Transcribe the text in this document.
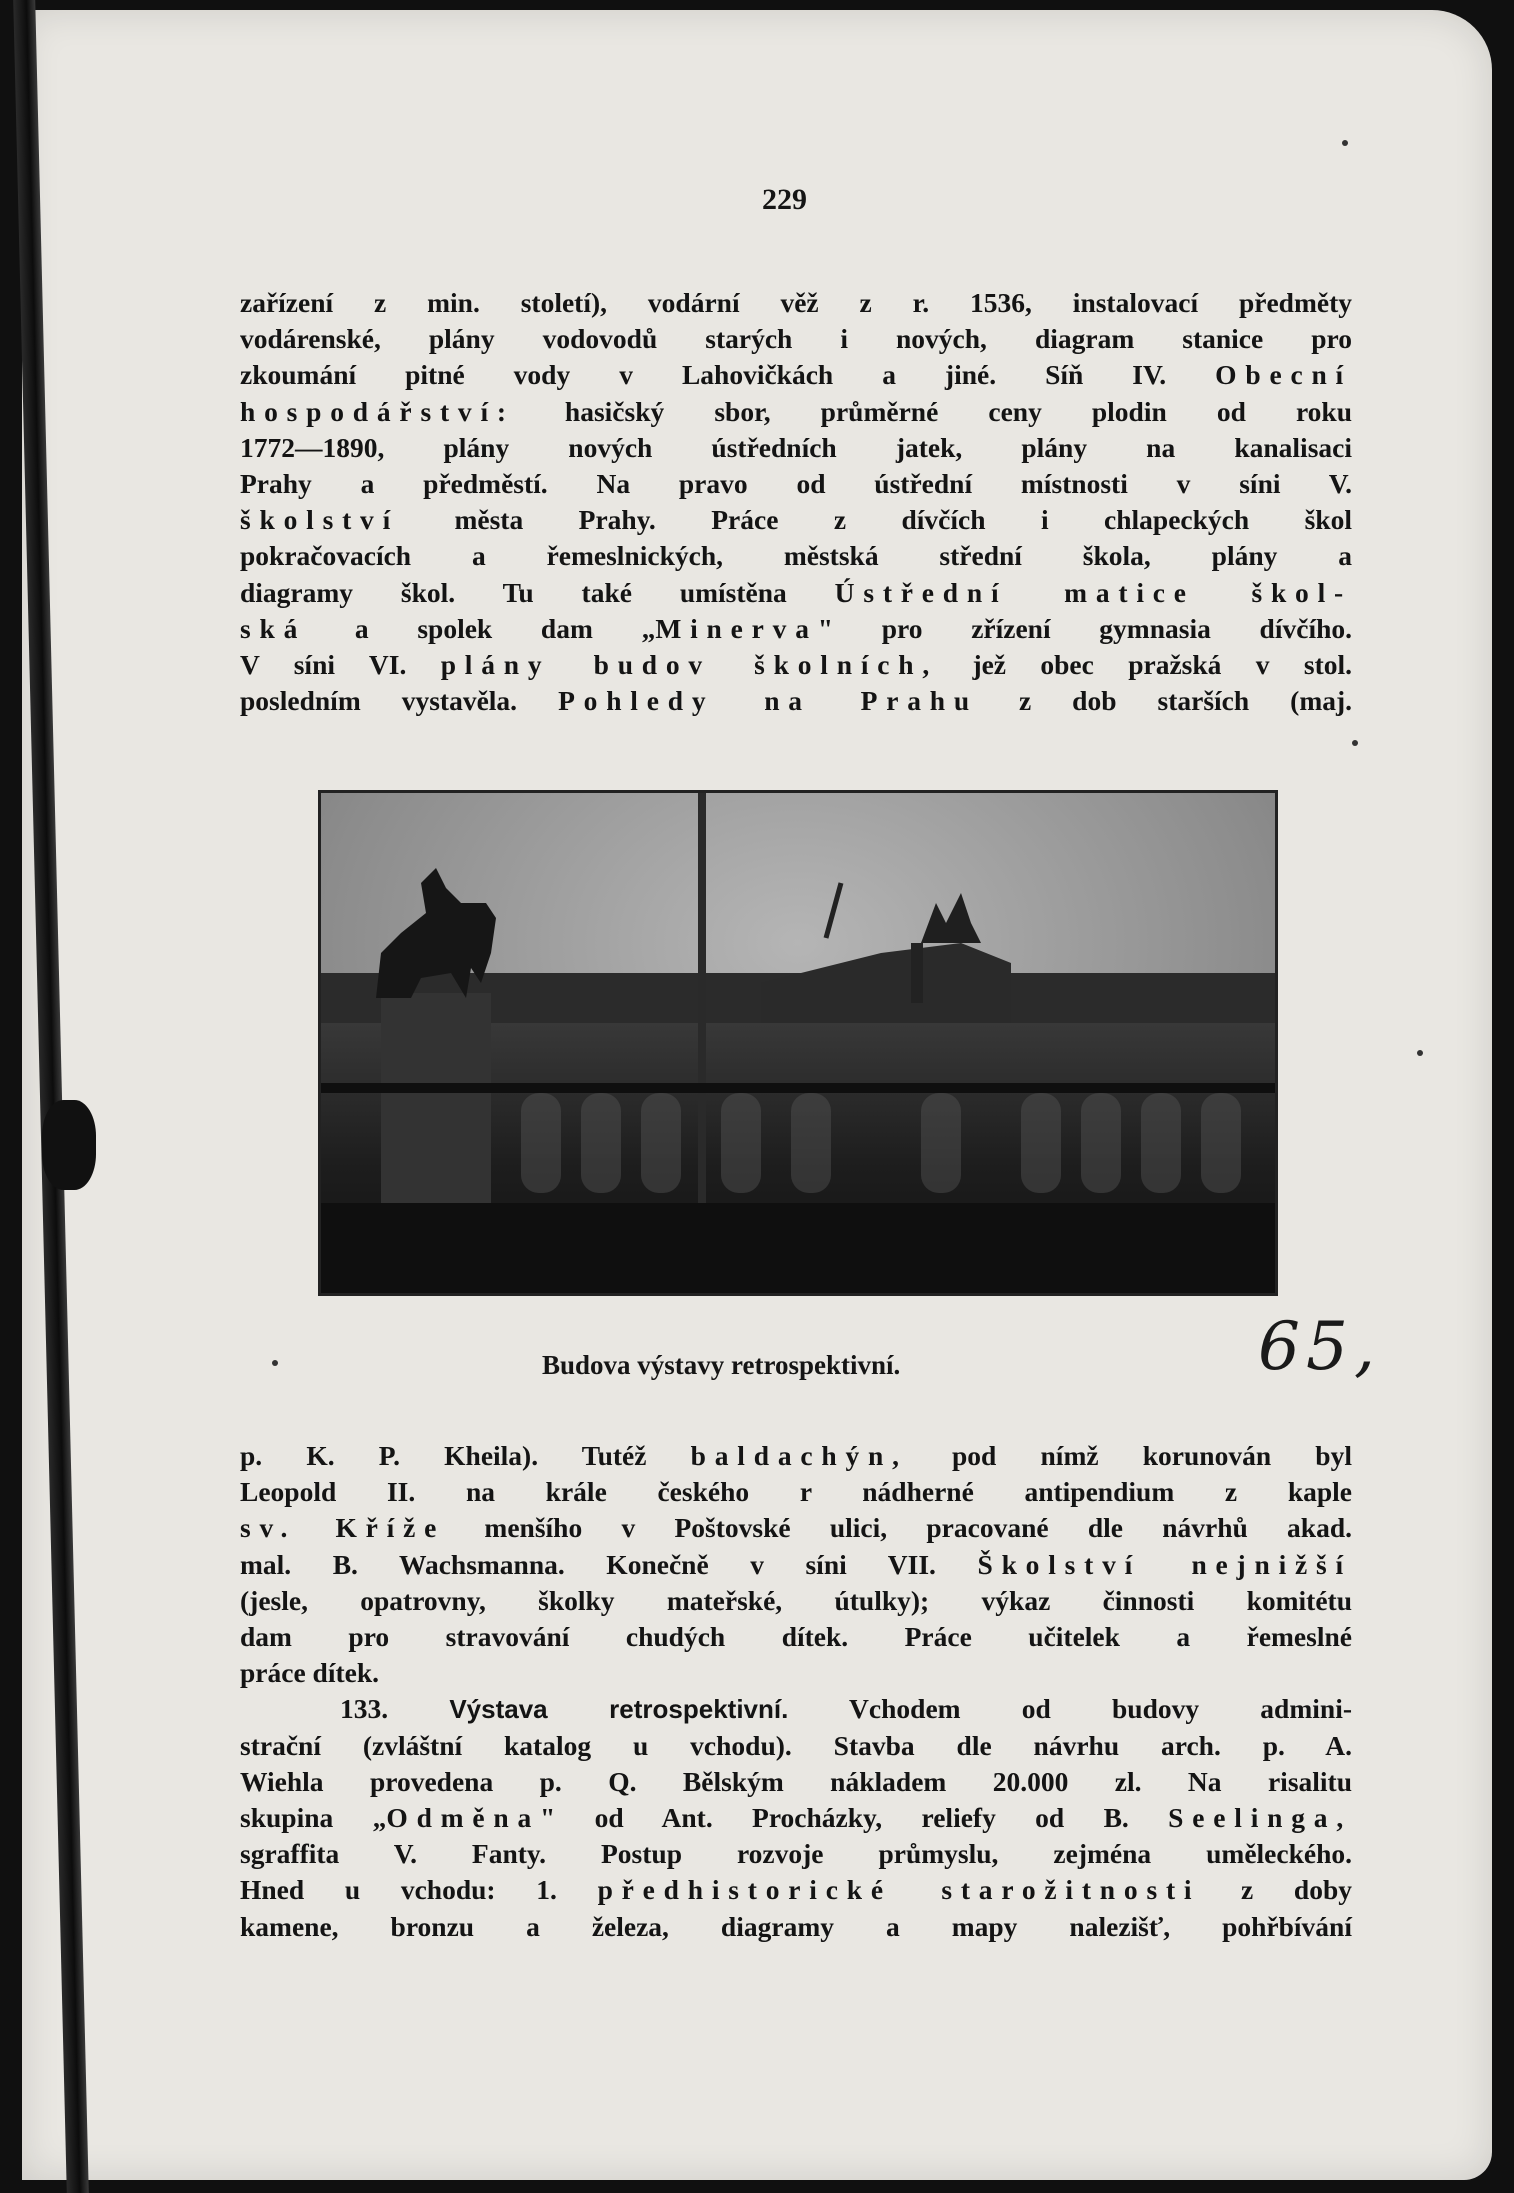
229
zařízení z min. století), vodární věž z r. 1536, instalovací předměty
vodárenské, plány vodovodů starých i nových, diagram stanice pro
zkoumání pitné vody v Lahovičkách a jiné. Síň IV. Obecní
hospodářství: hasičský sbor, průměrné ceny plodin od roku
1772—1890, plány nových ústředních jatek, plány na kanalisaci
Prahy a předměstí. Na pravo od ústřední místnosti v síni V.
školství města Prahy. Práce z dívčích i chlapeckých škol
pokračovacích a řemeslnických, městská střední škola, plány a
diagramy škol. Tu také umístěna Ústřední matice škol-
ská a spolek dam „Minerva" pro zřízení gymnasia dívčího.
V síni VI. plány budov školních, jež obec pražská v stol.
posledním vystavěla. Pohledy na Prahu z dob starších (maj.
Budova výstavy retrospektivní.	65,
p. K. P. Kheila). Tutéž baldachýn, pod nímž korunován byl
Leopold II. na krále českého r nádherné antipendium z kaple
sv. Kříže menšího v Poštovské ulici, pracované dle návrhů akad.
mal. B. Wachsmanna. Konečně v síni VII. Školství nejnižší
(jesle, opatrovny, školky mateřské, útulky); výkaz činnosti komitétu
dam pro stravování chudých dítek. Práce učitelek a řemeslné
práce dítek.
133. Výstava retrospektivní. Vchodem od budovy admini-
strační (zvláštní katalog u vchodu). Stavba dle návrhu arch. p. A.
Wiehla provedena p. Q. Bělským nákladem 20.000 zl. Na risalitu
skupina „Odměna" od Ant. Procházky, reliefy od B. Seelinga,
sgraffita V. Fanty. Postup rozvoje průmyslu, zejména uměleckého.
Hned u vchodu: 1. předhistorické starožitnosti z doby
kamene, bronzu a železa, diagramy a mapy nalezišť, pohřbívání
